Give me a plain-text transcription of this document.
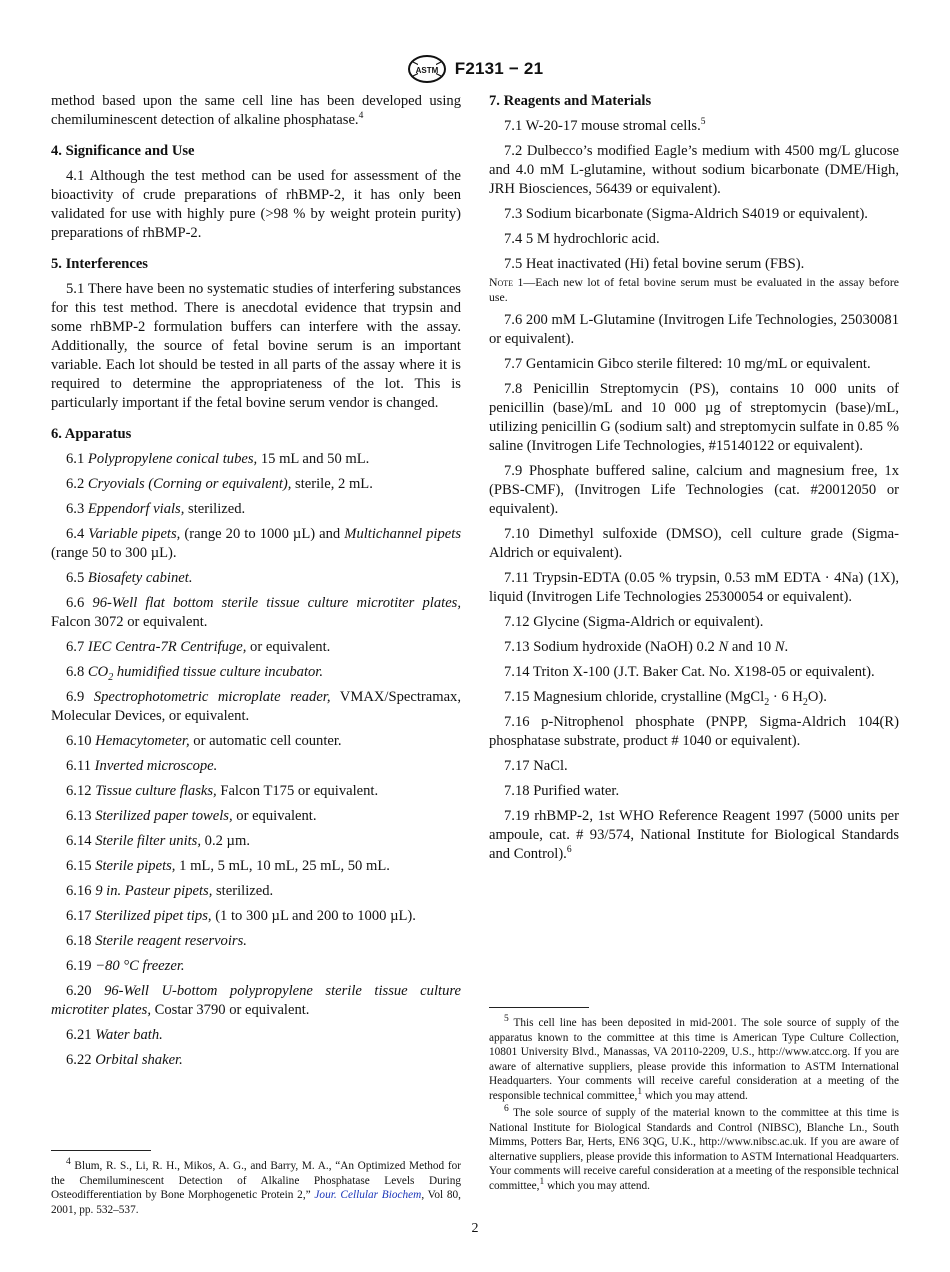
ASTM F2131 − 21

method based upon the same cell line has been developed using chemiluminescent detection of alkaline phosphatase.$^4$

4. Significance and Use

4.1 Although the test method can be used for assessment of the bioactivity of crude preparations of rhBMP-2, it has only been validated for use with highly pure (>98 % by weight protein purity) preparations of rhBMP-2.

5. Interferences

5.1 There have been no systematic studies of interfering substances for this test method. There is anecdotal evidence that trypsin and some rhBMP-2 formulation buffers can interfere with the assay. Additionally, the source of fetal bovine serum is an important variable. Each lot should be tested in all parts of the assay where it is required to determine the appropriateness of the lot. This is particularly important if the fetal bovine serum vendor is changed.

6. Apparatus

6.1 Polypropylene conical tubes, 15 mL and 50 mL.

6.2 Cryovials (Corning or equivalent), sterile, 2 mL.

6.3 Eppendorf vials, sterilized.

6.4 Variable pipets, (range 20 to 1000 µL) and Multichannel pipets (range 50 to 300 µL).

6.5 Biosafety cabinet.

6.6 96-Well flat bottom sterile tissue culture microtiter plates, Falcon 3072 or equivalent.

6.7 IEC Centra-7R Centrifuge, or equivalent.

6.8 $CO_2$ humidified tissue culture incubator.

6.9 Spectrophotometric microplate reader, VMAX/Spectramax, Molecular Devices, or equivalent.

6.10 Hemacytometer, or automatic cell counter.

6.11 Inverted microscope.

6.12 Tissue culture flasks, Falcon T175 or equivalent.

6.13 Sterilized paper towels, or equivalent.

6.14 Sterile filter units, 0.2 µm.

6.15 Sterile pipets, 1 mL, 5 mL, 10 mL, 25 mL, 50 mL.

6.16 9 in. Pasteur pipets, sterilized.

6.17 Sterilized pipet tips, (1 to 300 µL and 200 to 1000 µL).

6.18 Sterile reagent reservoirs.

6.19 −80 °C freezer.

6.20 96-Well U-bottom polypropylene sterile tissue culture microtiter plates, Costar 3790 or equivalent.

6.21 Water bath.

6.22 Orbital shaker.

$^4$ Blum, R. S., Li, R. H., Mikos, A. G., and Barry, M. A., “An Optimized Method for the Chemiluminescent Detection of Alkaline Phosphatase Levels During Osteodifferentiation by Bone Morphogenetic Protein 2,” Jour. Cellular Biochem, Vol 80, 2001, pp. 532–537.

7. Reagents and Materials

7.1 W-20-17 mouse stromal cells.$^5$

7.2 Dulbecco’s modified Eagle’s medium with 4500 mg/L glucose and 4.0 mM L-glutamine, without sodium bicarbonate (DME/High, JRH Biosciences, 56439 or equivalent).

7.3 Sodium bicarbonate (Sigma-Aldrich S4019 or equivalent).

7.4 5 M hydrochloric acid.

7.5 Heat inactivated (Hi) fetal bovine serum (FBS).

Note 1—Each new lot of fetal bovine serum must be evaluated in the assay before use.

7.6 200 mM L-Glutamine (Invitrogen Life Technologies, 25030081 or equivalent).

7.7 Gentamicin Gibco sterile filtered: 10 mg/mL or equivalent.

7.8 Penicillin Streptomycin (PS), contains 10 000 units of penicillin (base)/mL and 10 000 µg of streptomycin (base)/mL, utilizing penicillin G (sodium salt) and streptomycin sulfate in 0.85 % saline (Invitrogen Life Technologies, #15140122 or equivalent).

7.9 Phosphate buffered saline, calcium and magnesium free, 1x (PBS-CMF), (Invitrogen Life Technologies (cat. #20012050 or equivalent).

7.10 Dimethyl sulfoxide (DMSO), cell culture grade (Sigma-Aldrich or equivalent).

7.11 Trypsin-EDTA (0.05 % trypsin, 0.53 mM EDTA · 4Na) (1X), liquid (Invitrogen Life Technologies 25300054 or equivalent).

7.12 Glycine (Sigma-Aldrich or equivalent).

7.13 Sodium hydroxide (NaOH) 0.2 N and 10 N.

7.14 Triton X-100 (J.T. Baker Cat. No. X198-05 or equivalent).

7.15 Magnesium chloride, crystalline (MgCl$_2$ · 6 $H_2O$).

7.16 p-Nitrophenol phosphate (PNPP, Sigma-Aldrich 104(R) phosphatase substrate, product # 1040 or equivalent).

7.17 NaCl.

7.18 Purified water.

7.19 rhBMP-2, 1st WHO Reference Reagent 1997 (5000 units per ampoule, cat. # 93/574, National Institute for Biological Standards and Control).$^6$

$^5$ This cell line has been deposited in mid-2001. The sole source of supply of the apparatus known to the committee at this time is American Type Culture Collection, 10801 University Blvd., Manassas, VA 20110-2209, U.S., http://www.atcc.org. If you are aware of alternative suppliers, please provide this information to ASTM International Headquarters. Your comments will receive careful consideration at a meeting of the responsible technical committee,$^1$ which you may attend.

$^6$ The sole source of supply of the material known to the committee at this time is National Institute for Biological Standards and Control (NIBSC), Blanche Ln., South Mimms, Potters Bar, Herts, EN6 3QG, U.K., http://www.nibsc.ac.uk. If you are aware of alternative suppliers, please provide this information to ASTM International Headquarters. Your comments will receive careful consideration at a meeting of the responsible technical committee,$^1$ which you may attend.

2
